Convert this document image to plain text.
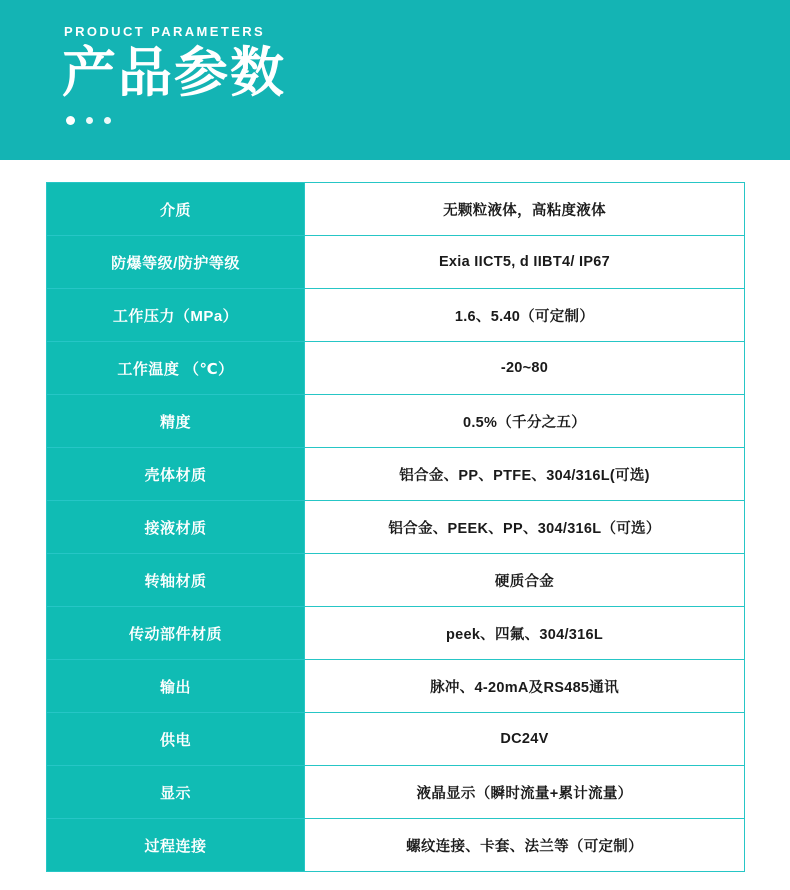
PRODUCT PARAMETERS
产品参数
介质	无颗粒液体，高粘度液体
防爆等级/防护等级	Exia IICT5, d IIBT4/ IP67
工作压力（MPa）	1.6、5.40（可定制）
工作温度 （℃）	-20~80
精度	0.5%（千分之五）
壳体材质	铝合金、PP、PTFE、304/316L(可选)
接液材质	铝合金、PEEK、PP、304/316L（可选）
转轴材质	硬质合金
传动部件材质	peek、四氟、304/316L
输出	脉冲、4-20mA及RS485通讯
供电	DC24V
显示	液晶显示（瞬时流量+累计流量）
过程连接	螺纹连接、卡套、法兰等（可定制）
